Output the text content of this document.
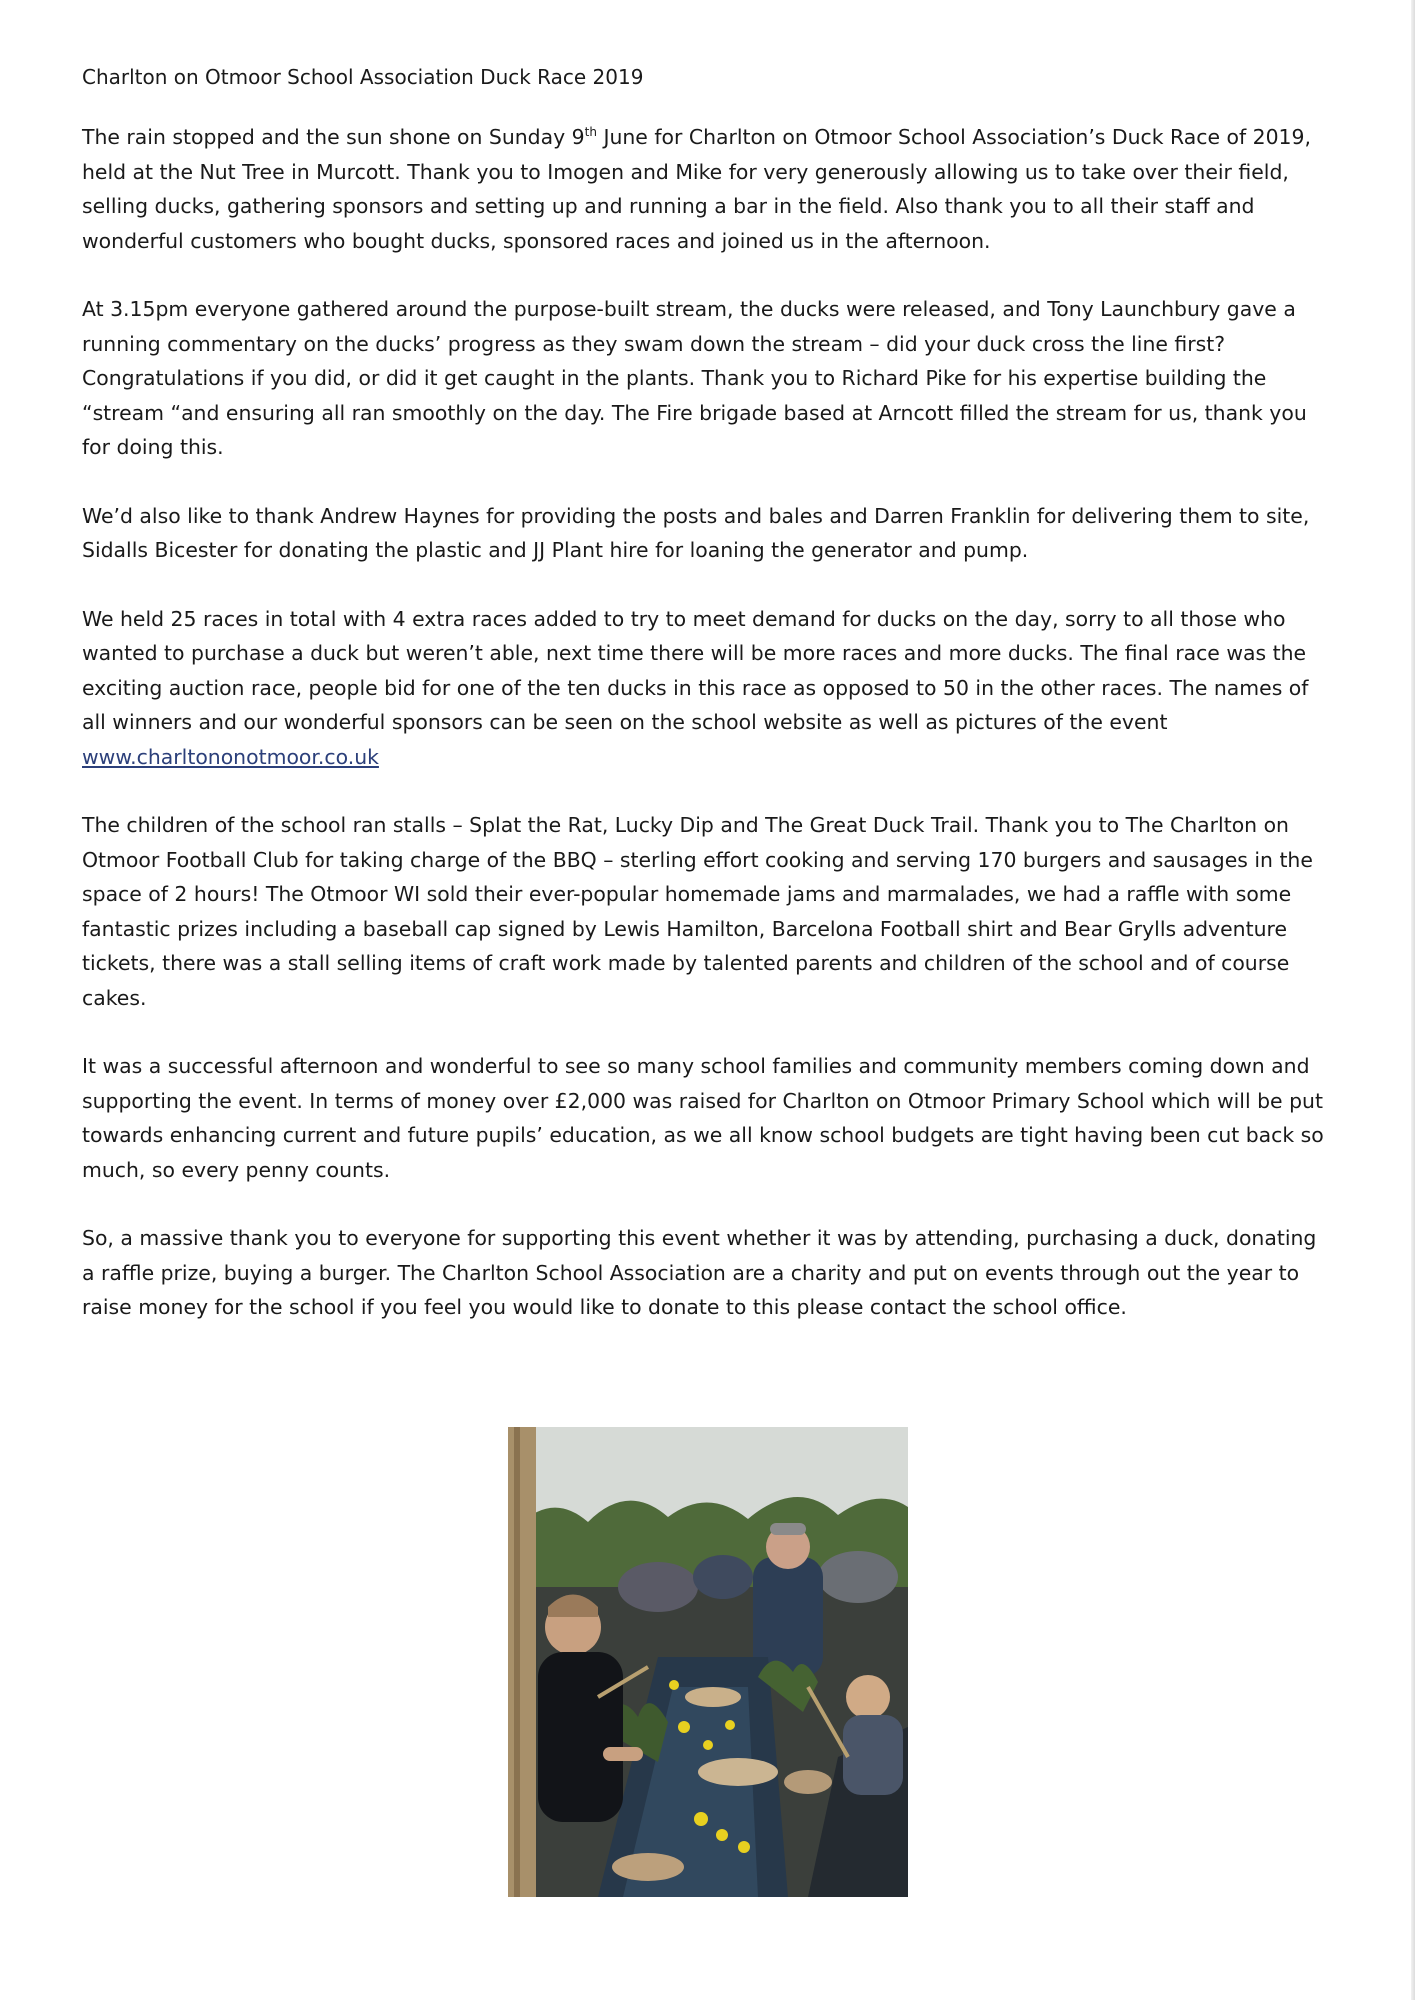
Charlton on Otmoor School Association Duck Race 2019

The rain stopped and the sun shone on Sunday 9th June for Charlton on Otmoor School Association’s Duck Race of 2019, held at the Nut Tree in Murcott. Thank you to Imogen and Mike for very generously allowing us to take over their field, selling ducks, gathering sponsors and setting up and running a bar in the field. Also thank you to all their staff and wonderful customers who bought ducks, sponsored races and joined us in the afternoon.

At 3.15pm everyone gathered around the purpose-built stream, the ducks were released, and Tony Launchbury gave a running commentary on the ducks’ progress as they swam down the stream – did your duck cross the line first? Congratulations if you did, or did it get caught in the plants. Thank you to Richard Pike for his expertise building the “stream “and ensuring all ran smoothly on the day. The Fire brigade based at Arncott filled the stream for us, thank you for doing this.

We’d also like to thank Andrew Haynes for providing the posts and bales and Darren Franklin for delivering them to site, Sidalls Bicester for donating the plastic and JJ Plant hire for loaning the generator and pump.

We held 25 races in total with 4 extra races added to try to meet demand for ducks on the day, sorry to all those who wanted to purchase a duck but weren’t able, next time there will be more races and more ducks. The final race was the exciting auction race, people bid for one of the ten ducks in this race as opposed to 50 in the other races. The names of all winners and our wonderful sponsors can be seen on the school website as well as pictures of the event www.charltononotmoor.co.uk

The children of the school ran stalls – Splat the Rat, Lucky Dip and The Great Duck Trail. Thank you to The Charlton on Otmoor Football Club for taking charge of the BBQ – sterling effort cooking and serving 170 burgers and sausages in the space of 2 hours! The Otmoor WI sold their ever-popular homemade jams and marmalades, we had a raffle with some fantastic prizes including a baseball cap signed by Lewis Hamilton, Barcelona Football shirt and Bear Grylls adventure tickets, there was a stall selling items of craft work made by talented parents and children of the school and of course cakes.

It was a successful afternoon and wonderful to see so many school families and community members coming down and supporting the event. In terms of money over £2,000 was raised for Charlton on Otmoor Primary School which will be put towards enhancing current and future pupils’ education, as we all know school budgets are tight having been cut back so much, so every penny counts.

So, a massive thank you to everyone for supporting this event whether it was by attending, purchasing a duck, donating a raffle prize, buying a burger. The Charlton School Association are a charity and put on events through out the year to raise money for the school if you feel you would like to donate to this please contact the school office.
